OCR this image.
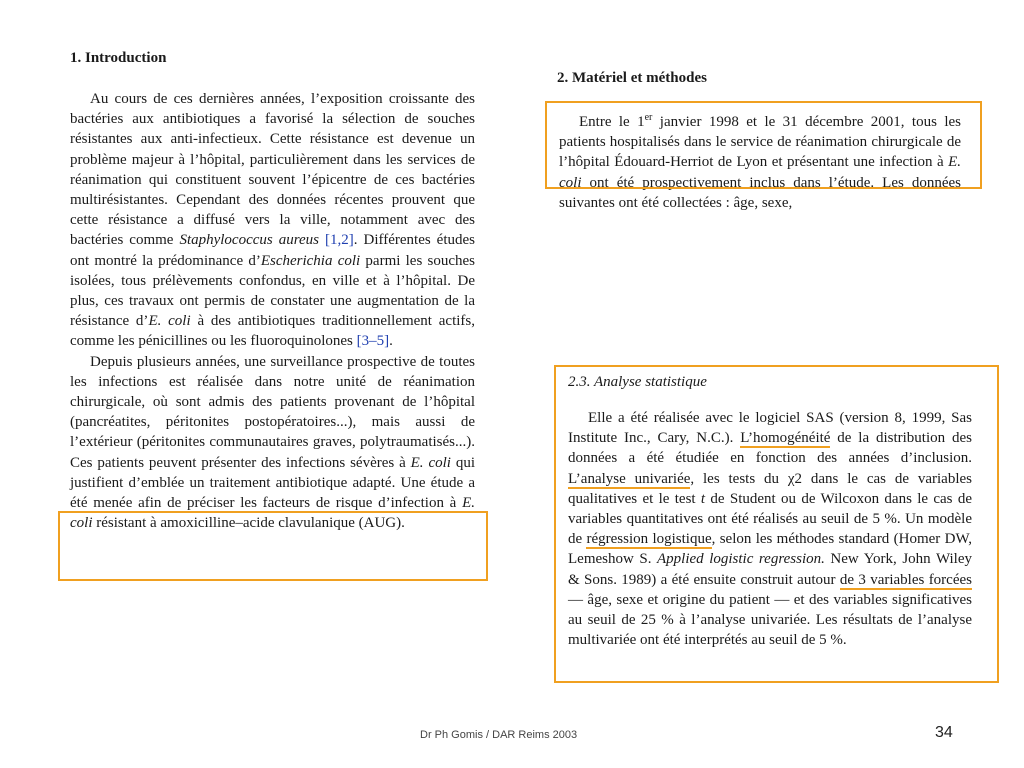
1. Introduction

Au cours de ces dernières années, l’exposition croissante des bactéries aux antibiotiques a favorisé la sélection de souches résistantes aux anti-infectieux. Cette résistance est devenue un problème majeur à l’hôpital, particulièrement dans les services de réanimation qui constituent souvent l’épicentre de ces bactéries multirésistantes. Cependant des données récentes prouvent que cette résistance a diffusé vers la ville, notamment avec des bactéries comme Staphylococcus aureus [1,2]. Différentes études ont montré la prédominance d’Escherichia coli parmi les souches isolées, tous prélèvements confondus, en ville et à l’hôpital. De plus, ces travaux ont permis de constater une augmentation de la résistance d’E. coli à des antibiotiques traditionnellement actifs, comme les pénicillines ou les fluoroquinolones [3–5].

Depuis plusieurs années, une surveillance prospective de toutes les infections est réalisée dans notre unité de réanimation chirurgicale, où sont admis des patients provenant de l’hôpital (pancréatites, péritonites postopératoires...), mais aussi de l’extérieur (péritonites communautaires graves, polytraumatisés...). Ces patients peuvent présenter des infections sévères à E. coli qui justifient d’emblée un traitement antibiotique adapté. Une étude a été menée afin de préciser les facteurs de risque d’infection à E. coli résistant à amoxicilline–acide clavulanique (AUG).

2. Matériel et méthodes

Entre le 1er janvier 1998 et le 31 décembre 2001, tous les patients hospitalisés dans le service de réanimation chirurgicale de l’hôpital Édouard-Herriot de Lyon et présentant une infection à E. coli ont été prospectivement inclus dans l’étude. Les données suivantes ont été collectées : âge, sexe,

2.3. Analyse statistique

Elle a été réalisée avec le logiciel SAS (version 8, 1999, Sas Institute Inc., Cary, N.C.). L’homogénéité de la distribution des données a été étudiée en fonction des années d’inclusion. L’analyse univariée, les tests du χ2 dans le cas de variables qualitatives et le test t de Student ou de Wilcoxon dans le cas de variables quantitatives ont été réalisés au seuil de 5 %. Un modèle de régression logistique, selon les méthodes standard (Homer DW, Lemeshow S. Applied logistic regression. New York, John Wiley & Sons. 1989) a été ensuite construit autour de 3 variables forcées — âge, sexe et origine du patient — et des variables significatives au seuil de 25 % à l’analyse univariée. Les résultats de l’analyse multivariée ont été interprétés au seuil de 5 %.

Dr Ph Gomis / DAR Reims 2003	34
